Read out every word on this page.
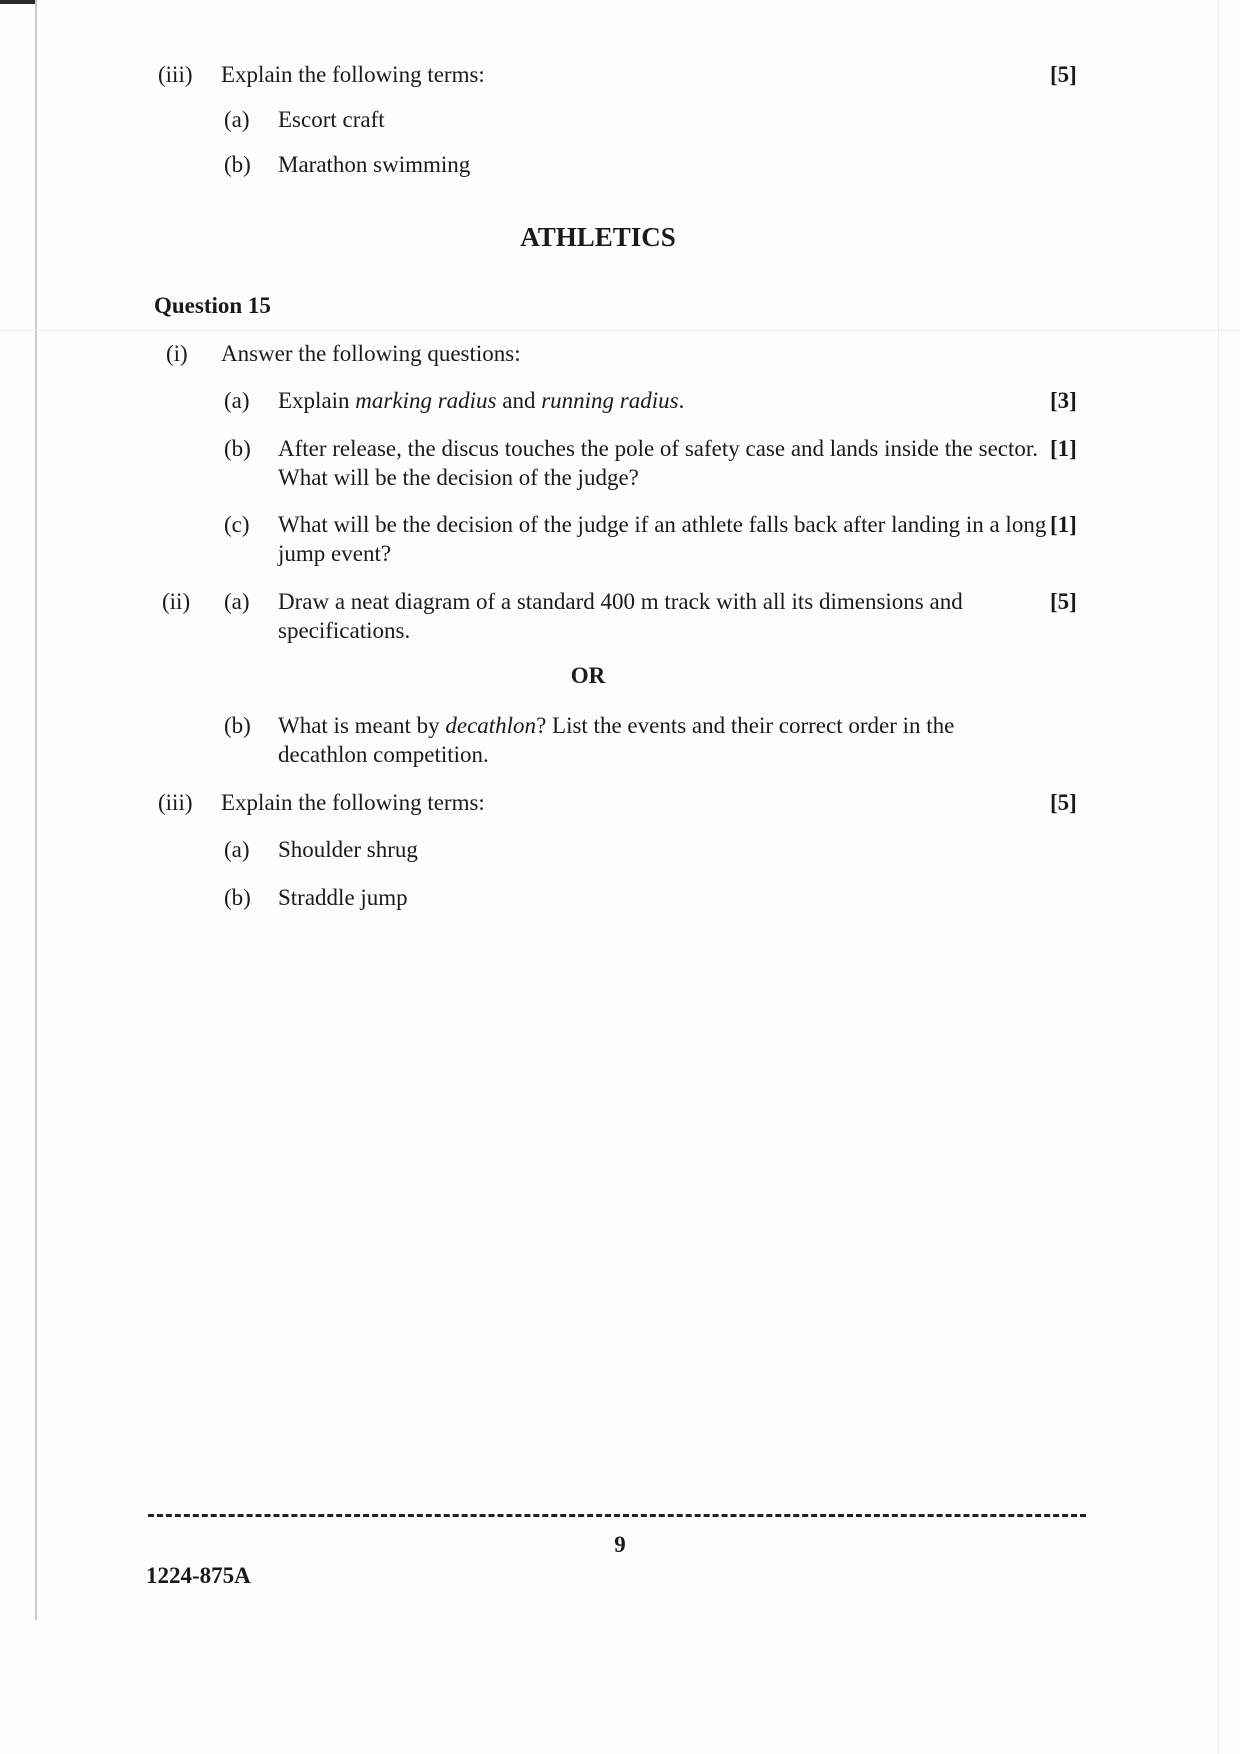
(iii) Explain the following terms:	[5]
(a) Escort craft
(b) Marathon swimming
ATHLETICS
Question 15
(i) Answer the following questions:
(a) Explain marking radius and running radius.	[3]
(b) After release, the discus touches the pole of safety case and lands inside the sector. What will be the decision of the judge?
[1]
(c) What will be the decision of the judge if an athlete falls back after landing in a long jump event?
[1]
(ii) (a) Draw a neat diagram of a standard 400 m track with all its dimensions and specifications.
[5]
OR
(b) What is meant by decathlon? List the events and their correct order in the decathlon competition.
(iii) Explain the following terms:	[5]
(a) Shoulder shrug
(b) Straddle jump
9
1224-875A
